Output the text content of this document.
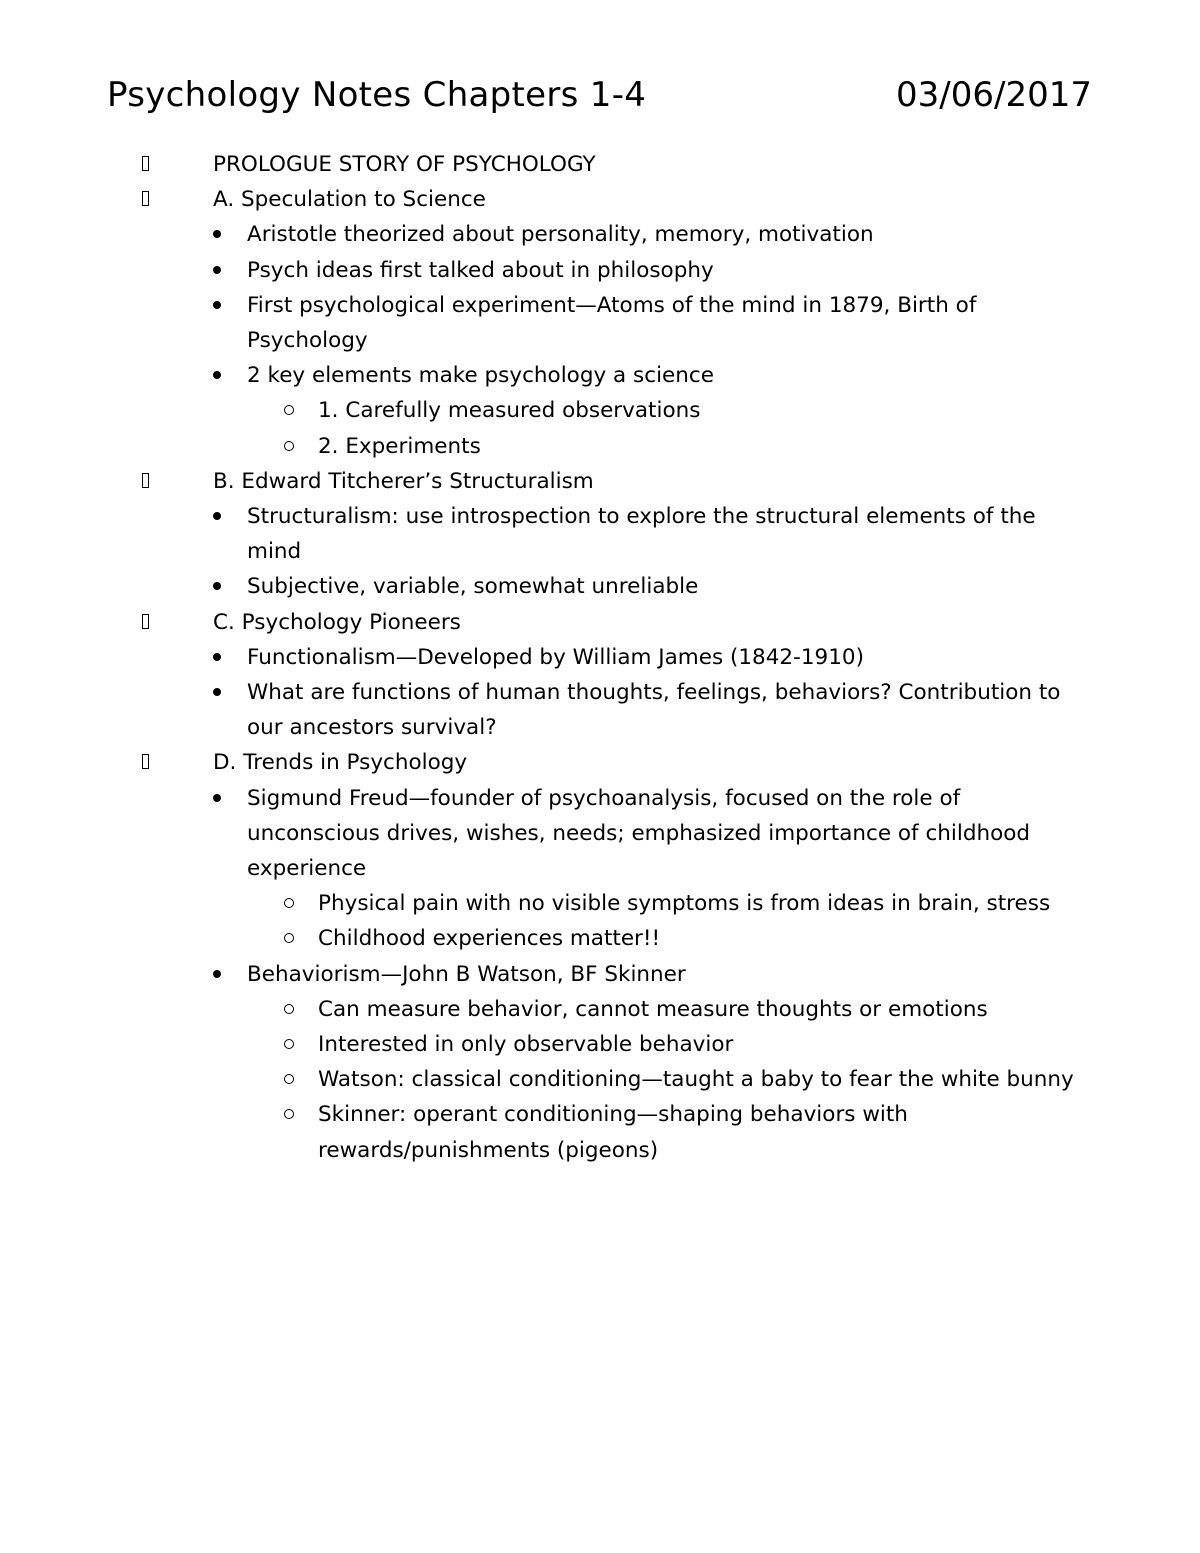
Psychology Notes Chapters 1-4	03/06/2017
PROLOGUE STORY OF PSYCHOLOGY
A. Speculation to Science
Aristotle theorized about personality, memory, motivation
Psych ideas first talked about in philosophy
First psychological experiment—Atoms of the mind in 1879, Birth of Psychology
2 key elements make psychology a science
1. Carefully measured observations
2. Experiments
B. Edward Titcherer’s Structuralism
Structuralism: use introspection to explore the structural elements of the mind
Subjective, variable, somewhat unreliable
C. Psychology Pioneers
Functionalism—Developed by William James (1842-1910)
What are functions of human thoughts, feelings, behaviors? Contribution to our ancestors survival?
D. Trends in Psychology
Sigmund Freud—founder of psychoanalysis, focused on the role of unconscious drives, wishes, needs; emphasized importance of childhood experience
Physical pain with no visible symptoms is from ideas in brain, stress
Childhood experiences matter!!
Behaviorism—John B Watson, BF Skinner
Can measure behavior, cannot measure thoughts or emotions
Interested in only observable behavior
Watson: classical conditioning—taught a baby to fear the white bunny
Skinner: operant conditioning—shaping behaviors with rewards/punishments (pigeons)
